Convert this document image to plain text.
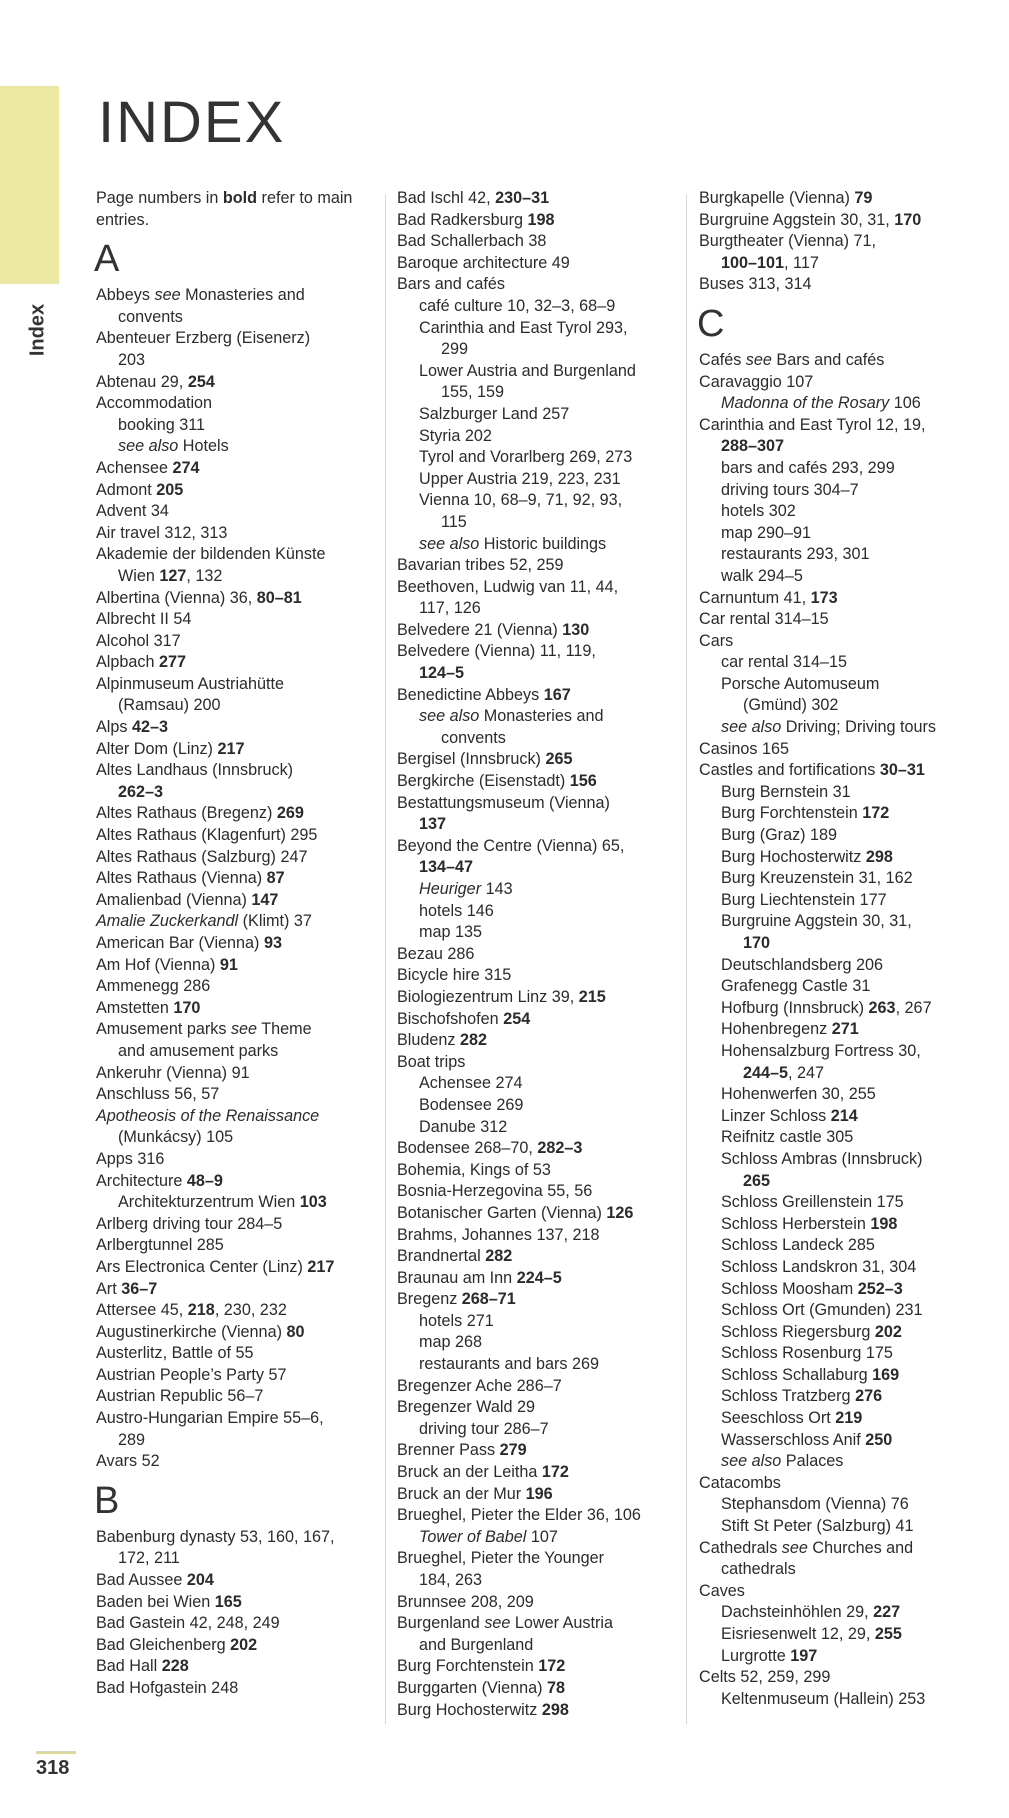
Index
INDEX
Page numbers in bold refer to main entries.
A
Abbeys see Monasteries and
convents
Abenteuer Erzberg (Eisenerz)
203
Abtenau 29, 254
Accommodation
booking 311
see also Hotels
Achensee 274
Admont 205
Advent 34
Air travel 312, 313
Akademie der bildenden Künste
Wien 127, 132
Albertina (Vienna) 36, 80–81
Albrecht II 54
Alcohol 317
Alpbach 277
Alpinmuseum Austriahütte
(Ramsau) 200
Alps 42–3
Alter Dom (Linz) 217
Altes Landhaus (Innsbruck)
262–3
Altes Rathaus (Bregenz) 269
Altes Rathaus (Klagenfurt) 295
Altes Rathaus (Salzburg) 247
Altes Rathaus (Vienna) 87
Amalienbad (Vienna) 147
Amalie Zuckerkandl (Klimt) 37
American Bar (Vienna) 93
Am Hof (Vienna) 91
Ammenegg 286
Amstetten 170
Amusement parks see Theme
and amusement parks
Ankeruhr (Vienna) 91
Anschluss 56, 57
Apotheosis of the Renaissance
(Munkácsy) 105
Apps 316
Architecture 48–9
Architekturzentrum Wien 103
Arlberg driving tour 284–5
Arlbergtunnel 285
Ars Electronica Center (Linz) 217
Art 36–7
Attersee 45, 218, 230, 232
Augustinerkirche (Vienna) 80
Austerlitz, Battle of 55
Austrian People’s Party 57
Austrian Republic 56–7
Austro-Hungarian Empire 55–6,
289
Avars 52
B
Babenburg dynasty 53, 160, 167,
172, 211
Bad Aussee 204
Baden bei Wien 165
Bad Gastein 42, 248, 249
Bad Gleichenberg 202
Bad Hall 228
Bad Hofgastein 248
Bad Ischl 42, 230–31
Bad Radkersburg 198
Bad Schallerbach 38
Baroque architecture 49
Bars and cafés
café culture 10, 32–3, 68–9
Carinthia and East Tyrol 293,
299
Lower Austria and Burgenland
155, 159
Salzburger Land 257
Styria 202
Tyrol and Vorarlberg 269, 273
Upper Austria 219, 223, 231
Vienna 10, 68–9, 71, 92, 93,
115
see also Historic buildings
Bavarian tribes 52, 259
Beethoven, Ludwig van 11, 44,
117, 126
Belvedere 21 (Vienna) 130
Belvedere (Vienna) 11, 119,
124–5
Benedictine Abbeys 167
see also Monasteries and
convents
Bergisel (Innsbruck) 265
Bergkirche (Eisenstadt) 156
Bestattungsmuseum (Vienna)
137
Beyond the Centre (Vienna) 65,
134–47
Heuriger 143
hotels 146
map 135
Bezau 286
Bicycle hire 315
Biologiezentrum Linz 39, 215
Bischofshofen 254
Bludenz 282
Boat trips
Achensee 274
Bodensee 269
Danube 312
Bodensee 268–70, 282–3
Bohemia, Kings of 53
Bosnia-Herzegovina 55, 56
Botanischer Garten (Vienna) 126
Brahms, Johannes 137, 218
Brandnertal 282
Braunau am Inn 224–5
Bregenz 268–71
hotels 271
map 268
restaurants and bars 269
Bregenzer Ache 286–7
Bregenzer Wald 29
driving tour 286–7
Brenner Pass 279
Bruck an der Leitha 172
Bruck an der Mur 196
Brueghel, Pieter the Elder 36, 106
Tower of Babel 107
Brueghel, Pieter the Younger
184, 263
Brunnsee 208, 209
Burgenland see Lower Austria
and Burgenland
Burg Forchtenstein 172
Burggarten (Vienna) 78
Burg Hochosterwitz 298
Burgkapelle (Vienna) 79
Burgruine Aggstein 30, 31, 170
Burgtheater (Vienna) 71,
100–101, 117
Buses 313, 314
C
Cafés see Bars and cafés
Caravaggio 107
Madonna of the Rosary 106
Carinthia and East Tyrol 12, 19,
288–307
bars and cafés 293, 299
driving tours 304–7
hotels 302
map 290–91
restaurants 293, 301
walk 294–5
Carnuntum 41, 173
Car rental 314–15
Cars
car rental 314–15
Porsche Automuseum
(Gmünd) 302
see also Driving; Driving tours
Casinos 165
Castles and fortifications 30–31
Burg Bernstein 31
Burg Forchtenstein 172
Burg (Graz) 189
Burg Hochosterwitz 298
Burg Kreuzenstein 31, 162
Burg Liechtenstein 177
Burgruine Aggstein 30, 31,
170
Deutschlandsberg 206
Grafenegg Castle 31
Hofburg (Innsbruck) 263, 267
Hohenbregenz 271
Hohensalzburg Fortress 30,
244–5, 247
Hohenwerfen 30, 255
Linzer Schloss 214
Reifnitz castle 305
Schloss Ambras (Innsbruck)
265
Schloss Greillenstein 175
Schloss Herberstein 198
Schloss Landeck 285
Schloss Landskron 31, 304
Schloss Moosham 252–3
Schloss Ort (Gmunden) 231
Schloss Riegersburg 202
Schloss Rosenburg 175
Schloss Schallaburg 169
Schloss Tratzberg 276
Seeschloss Ort 219
Wasserschloss Anif 250
see also Palaces
Catacombs
Stephansdom (Vienna) 76
Stift St Peter (Salzburg) 41
Cathedrals see Churches and
cathedrals
Caves
Dachsteinhöhlen 29, 227
Eisriesenwelt 12, 29, 255
Lurgrotte 197
Celts 52, 259, 299
Keltenmuseum (Hallein) 253
318
